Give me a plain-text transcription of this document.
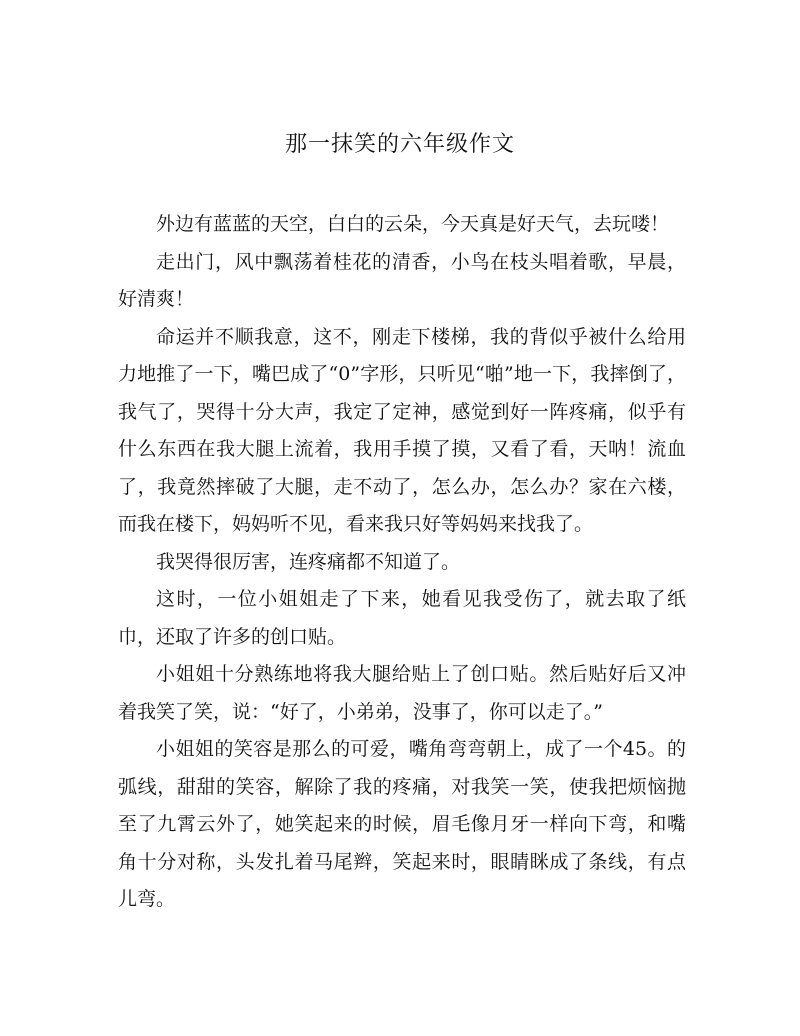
那一抹笑的六年级作文

外边有蓝蓝的天空，白白的云朵，今天真是好天气，去玩喽！

走出门，风中飘荡着桂花的清香，小鸟在枝头唱着歌，早晨，好清爽！

命运并不顺我意，这不，刚走下楼梯，我的背似乎被什么给用力地推了一下，嘴巴成了“0”字形，只听见“啪”地一下，我摔倒了，我气了，哭得十分大声，我定了定神，感觉到好一阵疼痛，似乎有什么东西在我大腿上流着，我用手摸了摸，又看了看，天呐！流血了，我竟然摔破了大腿，走不动了，怎么办，怎么办？家在六楼，而我在楼下，妈妈听不见，看来我只好等妈妈来找我了。

我哭得很厉害，连疼痛都不知道了。

这时，一位小姐姐走了下来，她看见我受伤了，就去取了纸巾，还取了许多的创口贴。

小姐姐十分熟练地将我大腿给贴上了创口贴。然后贴好后又冲着我笑了笑，说：“好了，小弟弟，没事了，你可以走了。”

小姐姐的笑容是那么的可爱，嘴角弯弯朝上，成了一个45。的弧线，甜甜的笑容，解除了我的疼痛，对我笑一笑，使我把烦恼抛至了九霄云外了，她笑起来的时候，眉毛像月牙一样向下弯，和嘴角十分对称，头发扎着马尾辫，笑起来时，眼睛眯成了条线，有点儿弯。
